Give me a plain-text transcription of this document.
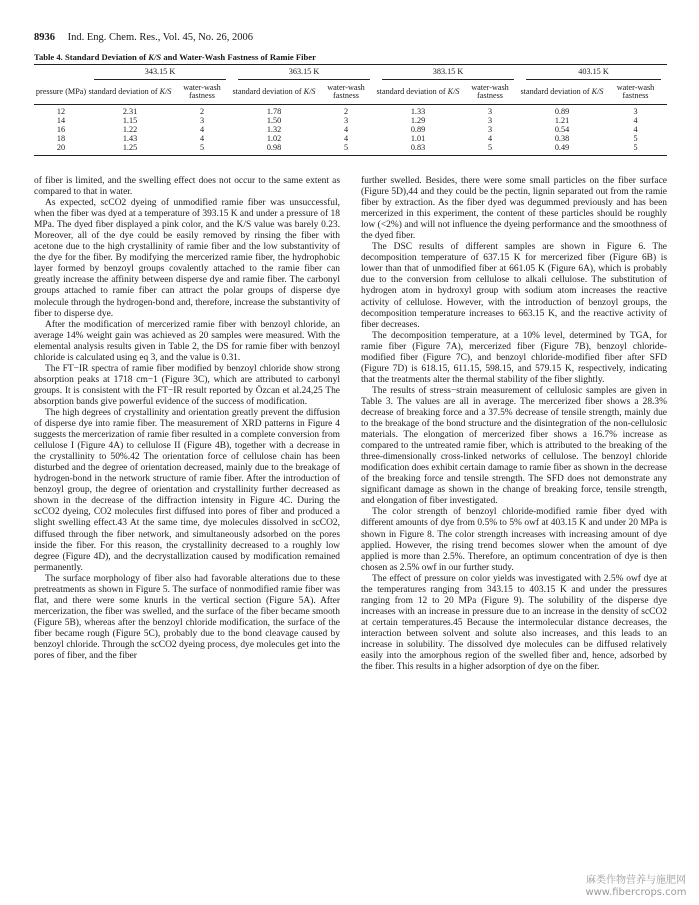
8936 Ind. Eng. Chem. Res., Vol. 45, No. 26, 2006
Table 4. Standard Deviation of K/S and Water-Wash Fastness of Ramie Fiber

	343.15 K		363.15 K		383.15 K		403.15 K	

pressure (MPa)	standard deviation of K/S	water-wash fastness	standard deviation of K/S	water-wash fastness	standard deviation of K/S	water-wash fastness	standard deviation of K/S	water-wash fastness
12	2.31	2	1.78	2	1.33	3	0.89	3
14	1.15	3	1.50	3	1.29	3	1.21	4
16	1.22	4	1.32	4	0.89	3	0.54	4
18	1.43	4	1.02	4	1.01	4	0.38	5
20	1.25	5	0.98	5	0.83	5	0.49	5

of fiber is limited, and the swelling effect does not occur to the same extent as compared to that in water.

As expected, scCO2 dyeing of unmodified ramie fiber was unsuccessful, when the fiber was dyed at a temperature of 393.15 K and under a pressure of 18 MPa. The dyed fiber displayed a pink color, and the K/S value was barely 0.23. Moreover, all of the dye could be easily removed by rinsing the fiber with acetone due to the high crystallinity of ramie fiber and the low substantivity of the dye for the fiber. By modifying the mercerized ramie fiber, the hydrophobic layer formed by benzoyl groups covalently attached to the ramie fiber can greatly increase the affinity between disperse dye and ramie fiber. The carbonyl groups attached to ramie fiber can attract the polar groups of disperse dye molecule through the hydrogen-bond and, therefore, increase the substantivity of fiber to disperse dye.

After the modification of mercerized ramie fiber with benzoyl chloride, an average 14% weight gain was achieved as 20 samples were measured. With the elemental analysis results given in Table 2, the DS for ramie fiber with benzoyl chloride is calculated using eq 3, and the value is 0.31.

The FT−IR spectra of ramie fiber modified by benzoyl chloride show strong absorption peaks at 1718 cm−1 (Figure 3C), which are attributed to carbonyl groups. It is consistent with the FT−IR result reported by Özcan et al.24,25 The absorption bands give powerful evidence of the success of modification.

The high degrees of crystallinity and orientation greatly prevent the diffusion of disperse dye into ramie fiber. The measurement of XRD patterns in Figure 4 suggests the mercerization of ramie fiber resulted in a complete conversion from cellulose I (Figure 4A) to cellulose II (Figure 4B), together with a decrease in the crystallinity to 50%.42 The orientation force of cellulose chain has been disturbed and the degree of orientation decreased, mainly due to the breakage of hydrogen-bond in the network structure of ramie fiber. After the introduction of benzoyl group, the degree of orientation and crystallinity further decreased as shown in the decrease of the diffraction intensity in Figure 4C. During the scCO2 dyeing, CO2 molecules first diffused into pores of fiber and produced a slight swelling effect.43 At the same time, dye molecules dissolved in scCO2, diffused through the fiber network, and simultaneously adsorbed on the pores inside the fiber. For this reason, the crystallinity decreased to a roughly low degree (Figure 4D), and the decrystallization caused by modification remained permanently.

The surface morphology of fiber also had favorable alterations due to these pretreatments as shown in Figure 5. The surface of nonmodified ramie fiber was flat, and there were some knurls in the vertical section (Figure 5A). After mercerization, the fiber was swelled, and the surface of the fiber became smooth (Figure 5B), whereas after the benzoyl chloride modification, the surface of the fiber became rough (Figure 5C), probably due to the bond cleavage caused by benzoyl chloride. Through the scCO2 dyeing process, dye molecules get into the pores of fiber, and the fiber

further swelled. Besides, there were some small particles on the fiber surface (Figure 5D),44 and they could be the pectin, lignin separated out from the ramie fiber by extraction. As the fiber dyed was degummed previously and has been mercerized in this experiment, the content of these particles should be roughly low (<2%) and will not influence the dyeing performance and the smoothness of the dyed fiber.

The DSC results of different samples are shown in Figure 6. The decomposition temperature of 637.15 K for mercerized fiber (Figure 6B) is lower than that of unmodified fiber at 661.05 K (Figure 6A), which is probably due to the conversion from cellulose to alkali cellulose. The substitution of hydrogen atom in hydroxyl group with sodium atom increases the reactive activity of cellulose. However, with the introduction of benzoyl groups, the decomposition temperature increases to 663.15 K, and the reactive activity of fiber decreases.

The decomposition temperature, at a 10% level, determined by TGA, for ramie fiber (Figure 7A), mercerized fiber (Figure 7B), benzoyl chloride-modified fiber (Figure 7C), and benzoyl chloride-modified fiber after SFD (Figure 7D) is 618.15, 611.15, 598.15, and 579.15 K, respectively, indicating that the treatments alter the thermal stability of the fiber slightly.

The results of stress−strain measurement of cellulosic samples are given in Table 3. The values are all in average. The mercerized fiber shows a 28.3% decrease of breaking force and a 37.5% decrease of tensile strength, mainly due to the breakage of the bond structure and the disintegration of the non-cellulosic materials. The elongation of mercerized fiber shows a 16.7% increase as compared to the untreated ramie fiber, which is attributed to the breaking of the three-dimensionally cross-linked networks of cellulose. The benzoyl chloride modification does exhibit certain damage to ramie fiber as shown in the decrease of the breaking force and tensile strength. The SFD does not demonstrate any significant damage as shown in the change of breaking force, tensile strength, and elongation of fiber investigated.

The color strength of benzoyl chloride-modified ramie fiber dyed with different amounts of dye from 0.5% to 5% owf at 403.15 K and under 20 MPa is shown in Figure 8. The color strength increases with increasing amount of dye applied. However, the rising trend becomes slower when the amount of dye applied is more than 2.5%. Therefore, an optimum concentration of dye is then chosen as 2.5% owf in our further study.

The effect of pressure on color yields was investigated with 2.5% owf dye at the temperatures ranging from 343.15 to 403.15 K and under the pressures ranging from 12 to 20 MPa (Figure 9). The solubility of the disperse dye increases with an increase in pressure due to an increase in the density of scCO2 at certain temperatures.45 Because the intermolecular distance decreases, the interaction between solvent and solute also increases, and this leads to an increase in solubility. The dissolved dye molecules can be diffused relatively easily into the amorphous region of the swelled fiber and, hence, adsorbed by the fiber. This results in a higher adsorption of dye on the fiber.

麻类作物营养与施肥网
www.fibercrops.com
